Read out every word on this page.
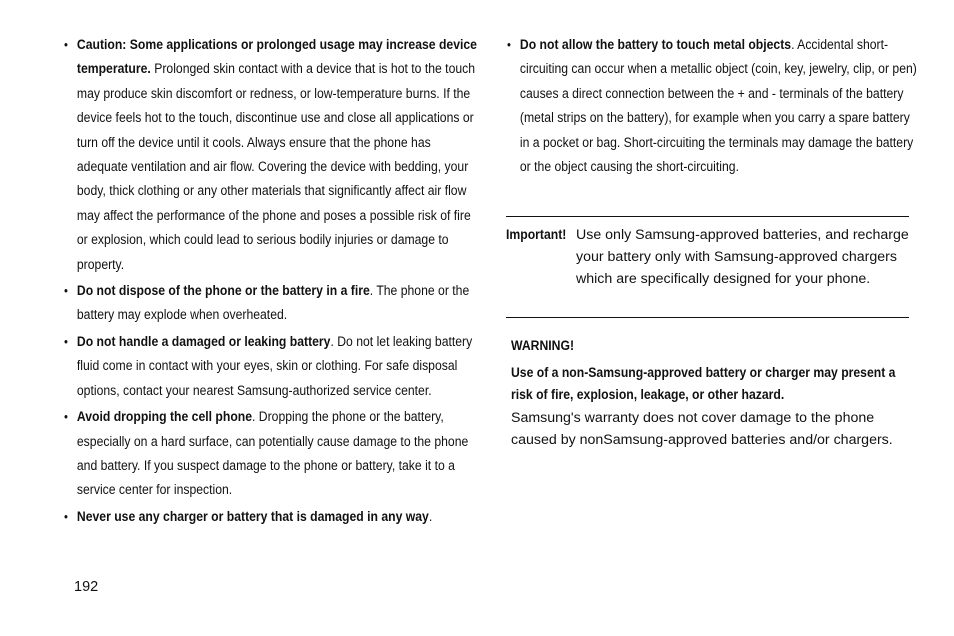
• Caution: Some applications or prolonged usage may increase device temperature. Prolonged skin contact with a device that is hot to the touch may produce skin discomfort or redness, or low-temperature burns. If the device feels hot to the touch, discontinue use and close all applications or turn off the device until it cools. Always ensure that the phone has adequate ventilation and air flow. Covering the device with bedding, your body, thick clothing or any other materials that significantly affect air flow may affect the performance of the phone and poses a possible risk of fire or explosion, which could lead to serious bodily injuries or damage to property.
• Do not dispose of the phone or the battery in a fire. The phone or the battery may explode when overheated.
• Do not handle a damaged or leaking battery. Do not let leaking battery fluid come in contact with your eyes, skin or clothing. For safe disposal options, contact your nearest Samsung-authorized service center.
• Avoid dropping the cell phone. Dropping the phone or the battery, especially on a hard surface, can potentially cause damage to the phone and battery. If you suspect damage to the phone or battery, take it to a service center for inspection.
• Never use any charger or battery that is damaged in any way.
192
• Do not allow the battery to touch metal objects. Accidental short-circuiting can occur when a metallic object (coin, key, jewelry, clip, or pen) causes a direct connection between the + and - terminals of the battery (metal strips on the battery), for example when you carry a spare battery in a pocket or bag. Short-circuiting the terminals may damage the battery or the object causing the short-circuiting.
Important! Use only Samsung-approved batteries, and recharge your battery only with Samsung-approved chargers which are specifically designed for your phone.
WARNING!
Use of a non-Samsung-approved battery or charger may present a risk of fire, explosion, leakage, or other hazard.
Samsung's warranty does not cover damage to the phone caused by nonSamsung-approved batteries and/or chargers.
